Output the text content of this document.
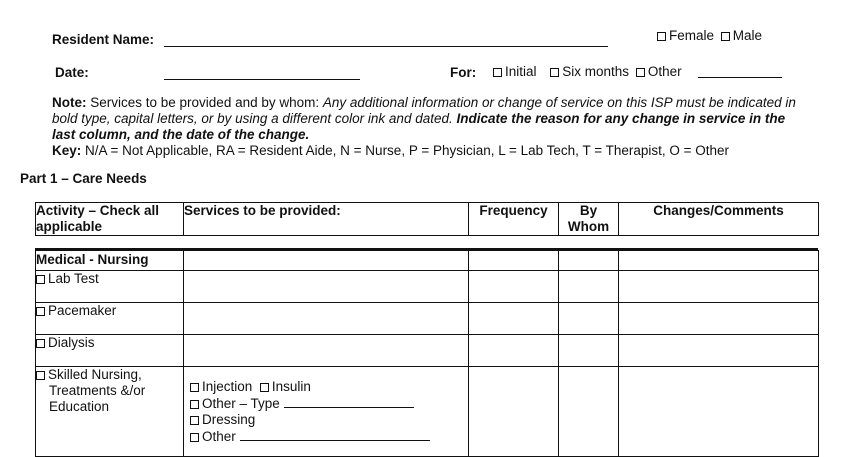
Resident Name:	Female Male
Date:	For:	Initial Six months Other
Note: Services to be provided and by whom: Any additional information or change of service on this ISP must be indicated in bold type, capital letters, or by using a different color ink and dated. Indicate the reason for any change in service in the last column, and the date of the change.
Key: N/A = Not Applicable, RA = Resident Aide, N = Nurse, P = Physician, L = Lab Tech, T = Therapist, O = Other
Part 1 – Care Needs
Activity – Check all applicable	Services to be provided:	Frequency	By Whom	Changes/Comments
Medical - Nursing				
Lab Test				
Pacemaker				
Dialysis				

Skilled Nursing, Treatments &/or Education	Injection Insulin
Other – Type
Dressing
Other			
